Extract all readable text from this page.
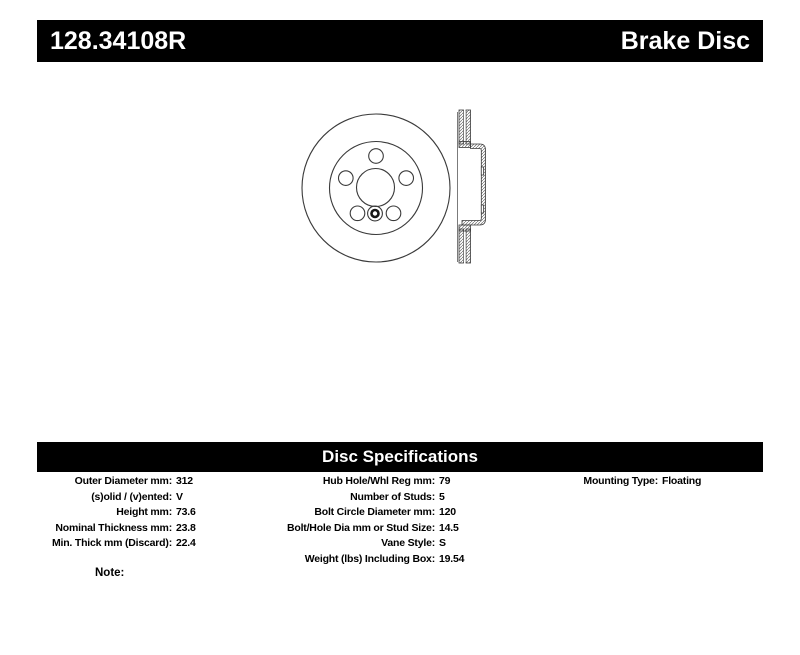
128.34108R	Brake Disc
Disc Specifications
Outer Diameter mm: 312
(s)olid / (v)ented: V
Height mm: 73.6
Nominal Thickness mm: 23.8
Min. Thick mm (Discard): 22.4
Hub Hole/Whl Reg mm: 79
Number of Studs: 5
Bolt Circle Diameter mm: 120
Bolt/Hole Dia mm or Stud Size: 14.5
Vane Style: S
Weight (lbs) Including Box: 19.54
Mounting Type: Floating
Note:
